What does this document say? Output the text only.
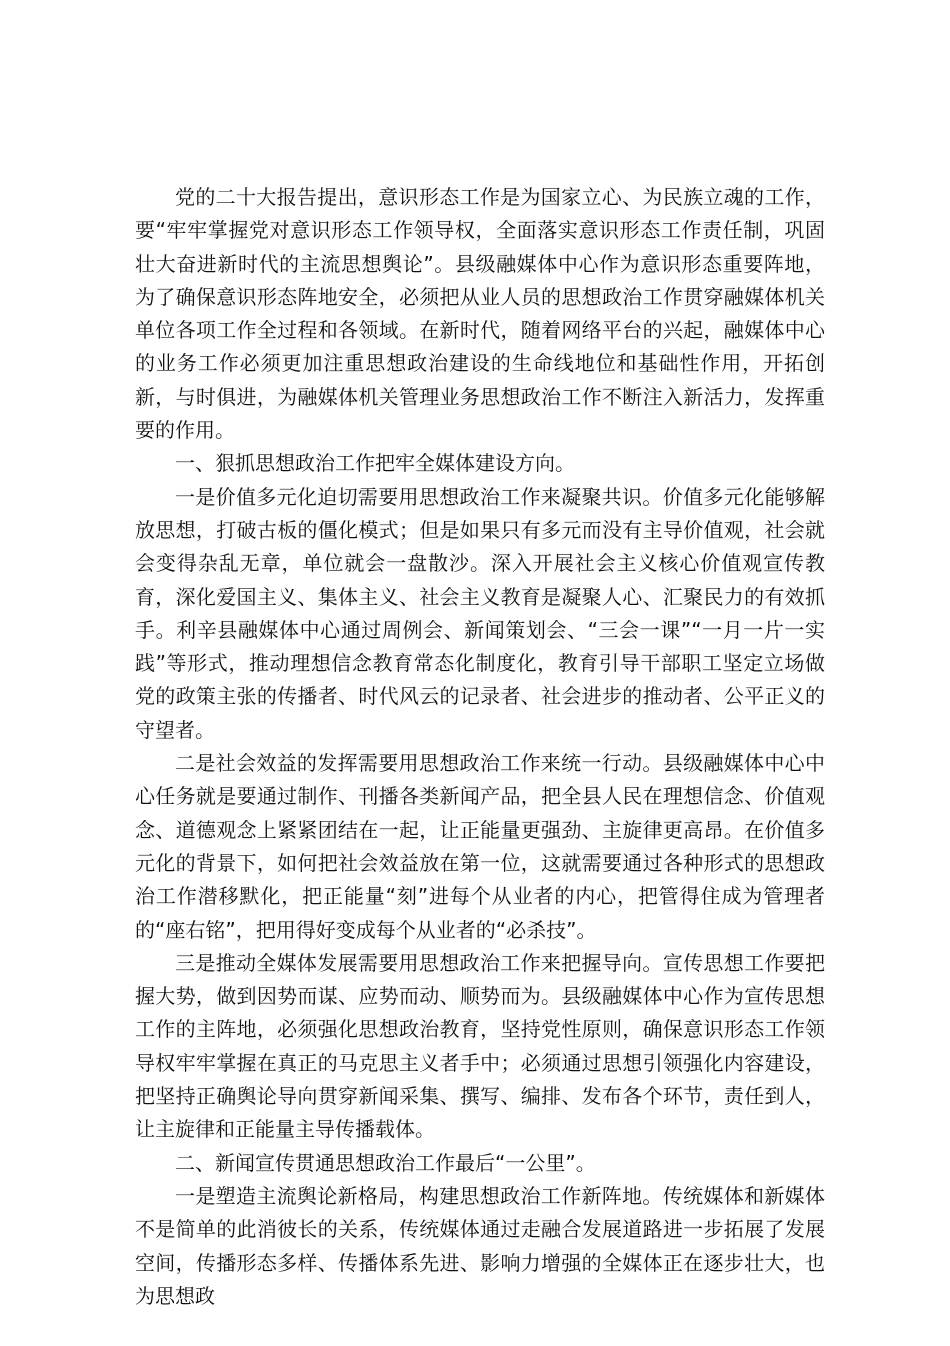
党的二十大报告提出，意识形态工作是为国家立心、为民族立魂的工作，要“牢牢掌握党对意识形态工作领导权，全面落实意识形态工作责任制，巩固壮大奋进新时代的主流思想舆论”。县级融媒体中心作为意识形态重要阵地，为了确保意识形态阵地安全，必须把从业人员的思想政治工作贯穿融媒体机关单位各项工作全过程和各领域。在新时代，随着网络平台的兴起，融媒体中心的业务工作必须更加注重思想政治建设的生命线地位和基础性作用，开拓创新，与时俱进，为融媒体机关管理业务思想政治工作不断注入新活力，发挥重要的作用。

一、狠抓思想政治工作把牢全媒体建设方向。

一是价值多元化迫切需要用思想政治工作来凝聚共识。价值多元化能够解放思想，打破古板的僵化模式；但是如果只有多元而没有主导价值观，社会就会变得杂乱无章，单位就会一盘散沙。深入开展社会主义核心价值观宣传教育，深化爱国主义、集体主义、社会主义教育是凝聚人心、汇聚民力的有效抓手。利辛县融媒体中心通过周例会、新闻策划会、“三会一课”“一月一片一实践”等形式，推动理想信念教育常态化制度化，教育引导干部职工坚定立场做党的政策主张的传播者、时代风云的记录者、社会进步的推动者、公平正义的守望者。

二是社会效益的发挥需要用思想政治工作来统一行动。县级融媒体中心中心任务就是要通过制作、刊播各类新闻产品，把全县人民在理想信念、价值观念、道德观念上紧紧团结在一起，让正能量更强劲、主旋律更高昂。在价值多元化的背景下，如何把社会效益放在第一位，这就需要通过各种形式的思想政治工作潜移默化，把正能量“刻”进每个从业者的内心，把管得住成为管理者的“座右铭”，把用得好变成每个从业者的“必杀技”。

三是推动全媒体发展需要用思想政治工作来把握导向。宣传思想工作要把握大势，做到因势而谋、应势而动、顺势而为。县级融媒体中心作为宣传思想工作的主阵地，必须强化思想政治教育，坚持党性原则，确保意识形态工作领导权牢牢掌握在真正的马克思主义者手中；必须通过思想引领强化内容建设，把坚持正确舆论导向贯穿新闻采集、撰写、编排、发布各个环节，责任到人，让主旋律和正能量主导传播载体。

二、新闻宣传贯通思想政治工作最后“一公里”。

一是塑造主流舆论新格局，构建思想政治工作新阵地。传统媒体和新媒体不是简单的此消彼长的关系，传统媒体通过走融合发展道路进一步拓展了发展空间，传播形态多样、传播体系先进、影响力增强的全媒体正在逐步壮大，也为思想政
